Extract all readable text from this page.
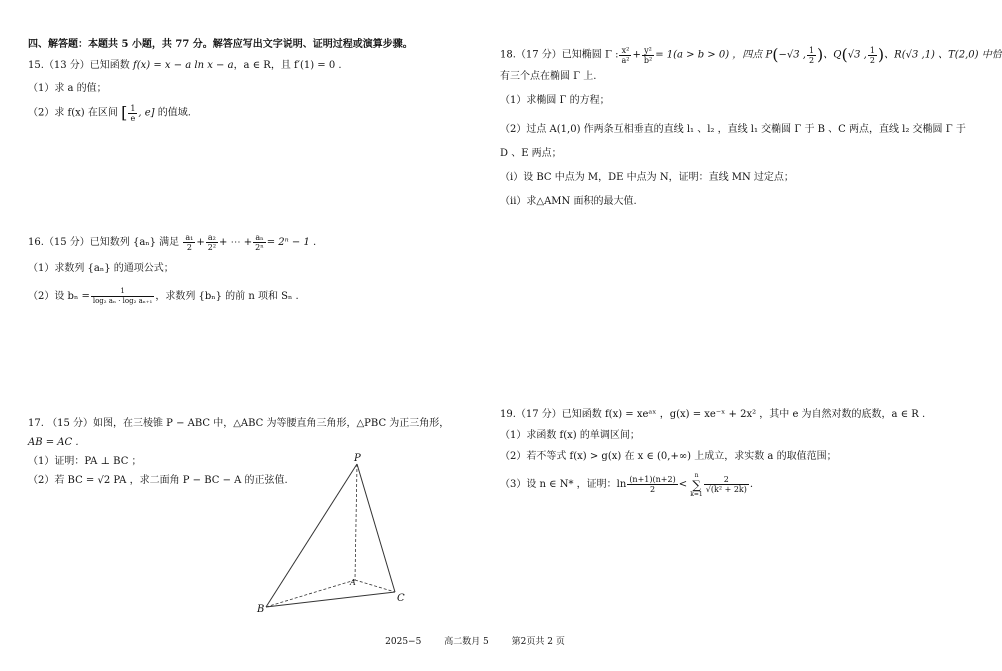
四、解答题：本题共 5 小题，共 77 分。解答应写出文字说明、证明过程或演算步骤。
15.（13 分）已知函数 f(x) = x − a ln x − a，a ∈ R，且 f′(1) = 0 .
（1）求 a 的值；
（2）求 f(x) 在区间 [ $\frac{1}{e}$ , e] 的值域.
16.（15 分）已知数列 {aₙ} 满足 $\frac{\text{a₁}}{2} + \frac{\text{a₂}}{\text{2²}}$ + ⋯ + $\frac{\text{aₙ}}{\text{2ⁿ}} = 2^n - 1$ .
（1）求数列 {aₙ} 的通项公式；
（2）设 $b_n = \frac{1}{\text{log₂ aₙ · log₂ aₙ₊₁}}$ ，求数列 {bₙ} 的前 n 项和 Sₙ .
17. （15 分）如图，在三棱锥 P − ABC 中，△ABC 为等腰直角三角形，△PBC 为正三角形，
AB = AC .
（1）证明：PA ⊥ BC ；
（2）若 BC = √2 PA ，求二面角 P − BC − A 的正弦值.
P
A
B
C
18.（17 分）已知椭圆 Γ : $\frac{\text{x²}}{\text{a²}} + \frac{\text{y²}}{\text{b²}} = 1(a > b > 0)$ ，四点 P(−√3 , $\frac{1}{2}$ )、Q(√3 , $\frac{1}{2}$ )、R(√3 ,1) 、T(2,0) 中恰
有三个点在椭圆 Γ 上.
（1）求椭圆 Γ 的方程；
（2）过点 A(1,0) 作两条互相垂直的直线 l₁ 、l₂ ，直线 l₁ 交椭圆 Γ 于 B 、C 两点，直线 l₂ 交椭圆 Γ 于
D 、E 两点；
（i）设 BC 中点为 M，DE 中点为 N，证明：直线 MN 过定点；
（ii）求△AMN 面积的最大值.
19.（17 分）已知函数 f(x) = xeᵃˣ ，g(x) = xe⁻ˣ + 2x² ，其中 e 为自然对数的底数，a ∈ R .
（1）求函数 f(x) 的单调区间；
（2）若不等式 f(x) > g(x) 在 x ∈ (0,+∞) 上成立，求实数 a 的取值范围；
（3）设 n ∈ N* ，证明：$\ln \frac{(n+1)(n+2)}{2}$ <
n
∑
$k=1 \frac{2}{\text{√(k² + 2k)}}$ .
2025−5	高二数月 5	第2页共 2 页
